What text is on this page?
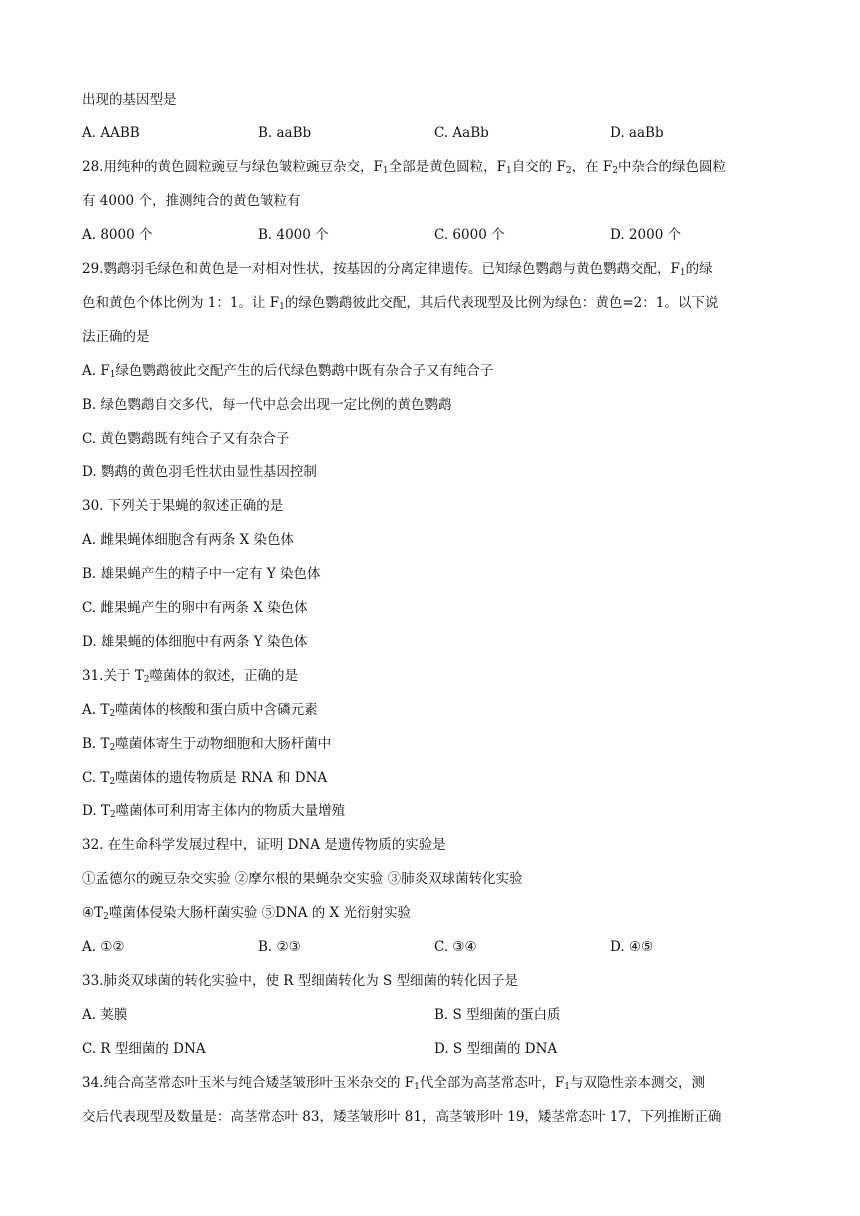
出现的基因型是
A. AABB	B. aaBb	C. AaBb	D. aaBb
28.用纯种的黄色圆粒豌豆与绿色皱粒豌豆杂交，$F_1$全部是黄色圆粒，$F_1$自交的 $F_2$，在 $F_2$中杂合的绿色圆粒
有 4000 个，推测纯合的黄色皱粒有
A. 8000 个	B. 4000 个	C. 6000 个	D. 2000 个
29.鹦鹉羽毛绿色和黄色是一对相对性状，按基因的分离定律遗传。已知绿色鹦鹉与黄色鹦鹉交配，$F_1$的绿
色和黄色个体比例为 1：1。让 $F_1$的绿色鹦鹉彼此交配，其后代表现型及比例为绿色：黄色=2：1。以下说
法正确的是
A. $F_1$绿色鹦鹉彼此交配产生的后代绿色鹦鹉中既有杂合子又有纯合子
B. 绿色鹦鹉自交多代，每一代中总会出现一定比例的黄色鹦鹉
C. 黄色鹦鹉既有纯合子又有杂合子
D. 鹦鹉的黄色羽毛性状由显性基因控制
30. 下列关于果蝇的叙述正确的是
A. 雌果蝇体细胞含有两条 X 染色体
B. 雄果蝇产生的精子中一定有 Y 染色体
C. 雌果蝇产生的卵中有两条 X 染色体
D. 雄果蝇的体细胞中有两条 Y 染色体
31.关于 $T_2$噬菌体的叙述，正确的是
A. $T_2$噬菌体的核酸和蛋白质中含磷元素
B. $T_2$噬菌体寄生于动物细胞和大肠杆菌中
C. $T_2$噬菌体的遗传物质是 RNA 和 DNA
D. $T_2$噬菌体可利用寄主体内的物质大量增殖
32. 在生命科学发展过程中，证明 DNA 是遗传物质的实验是
①孟德尔的豌豆杂交实验 ②摩尔根的果蝇杂交实验 ③肺炎双球菌转化实验
$④T_2$噬菌体侵染大肠杆菌实验 ⑤DNA 的 X 光衍射实验
A. ①②	B. ②③	C. ③④	D. ④⑤
33.肺炎双球菌的转化实验中，使 R 型细菌转化为 S 型细菌的转化因子是
A. 荚膜	B. S 型细菌的蛋白质
C. R 型细菌的 DNA	D. S 型细菌的 DNA
34.纯合高茎常态叶玉米与纯合矮茎皱形叶玉米杂交的 $F_1$代全部为高茎常态叶，$F_1$与双隐性亲本测交，测
交后代表现型及数量是：高茎常态叶 83，矮茎皱形叶 81，高茎皱形叶 19，矮茎常态叶 17，下列推断正确
